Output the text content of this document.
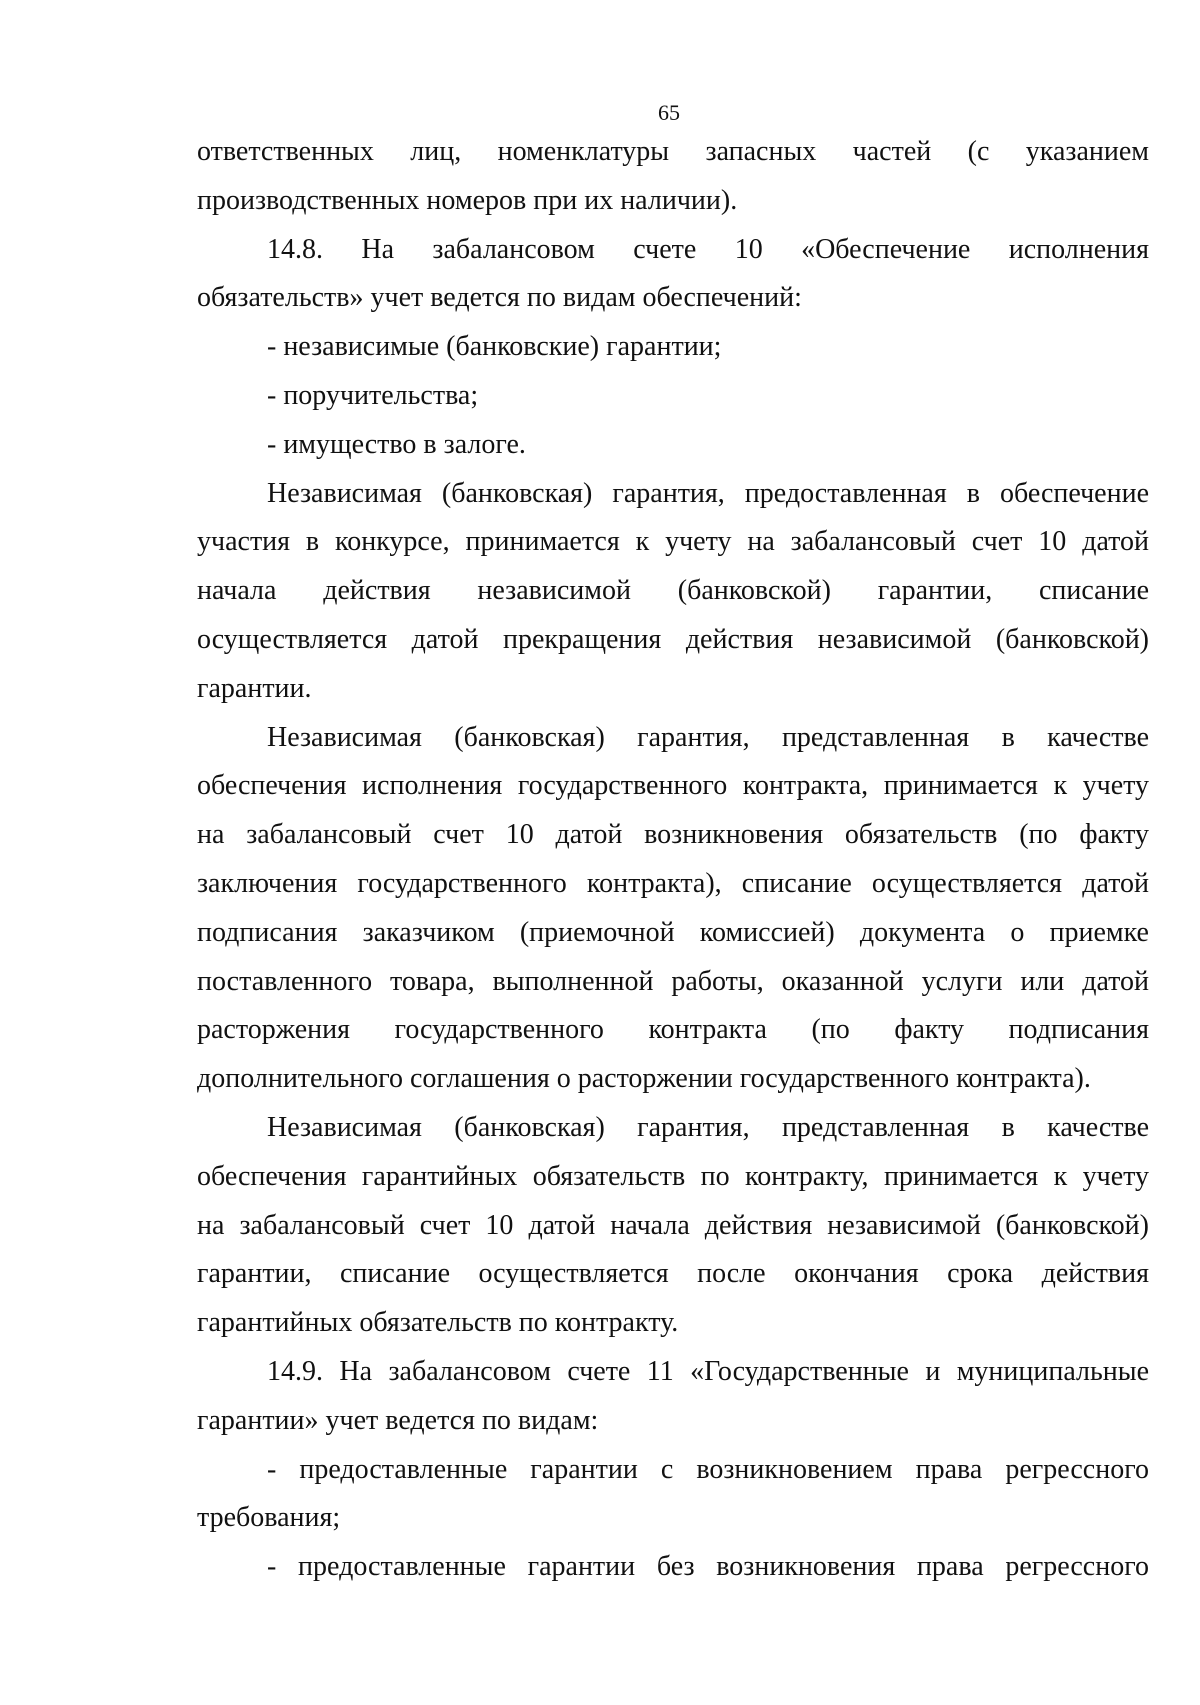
65
ответственных лиц, номенклатуры запасных частей (с указанием
производственных номеров при их наличии).
14.8. На забалансовом счете 10 «Обеспечение исполнения
обязательств» учет ведется по видам обеспечений:
- независимые (банковские) гарантии;
- поручительства;
- имущество в залоге.
Независимая (банковская) гарантия, предоставленная в обеспечение
участия в конкурсе, принимается к учету на забалансовый счет 10 датой
начала действия независимой (банковской) гарантии, списание
осуществляется датой прекращения действия независимой (банковской)
гарантии.
Независимая (банковская) гарантия, представленная в качестве
обеспечения исполнения государственного контракта, принимается к учету
на забалансовый счет 10 датой возникновения обязательств (по факту
заключения государственного контракта), списание осуществляется датой
подписания заказчиком (приемочной комиссией) документа о приемке
поставленного товара, выполненной работы, оказанной услуги или датой
расторжения государственного контракта (по факту подписания
дополнительного соглашения о расторжении государственного контракта).
Независимая (банковская) гарантия, представленная в качестве
обеспечения гарантийных обязательств по контракту, принимается к учету
на забалансовый счет 10 датой начала действия независимой (банковской)
гарантии, списание осуществляется после окончания срока действия
гарантийных обязательств по контракту.
14.9. На забалансовом счете 11 «Государственные и муниципальные
гарантии» учет ведется по видам:
- предоставленные гарантии с возникновением права регрессного
требования;
- предоставленные гарантии без возникновения права регрессного
